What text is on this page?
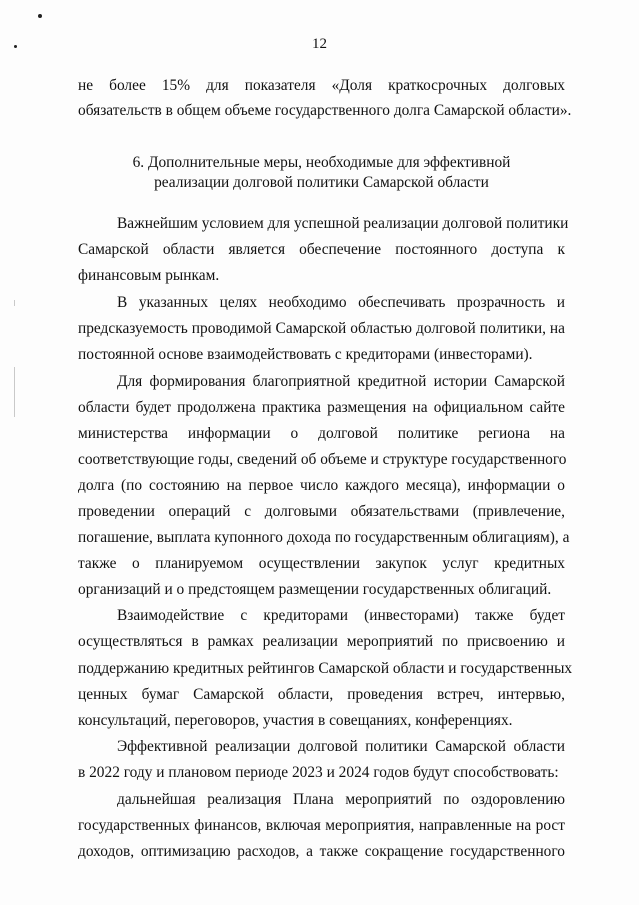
12
не более 15% для показателя «Доля краткосрочных долговых
обязательств в общем объеме государственного долга Самарской области».
6. Дополнительные меры, необходимые для эффективной
реализации долговой политики Самарской области
Важнейшим условием для успешной реализации долговой политики
Самарской области является обеспечение постоянного доступа к
финансовым рынкам.
В указанных целях необходимо обеспечивать прозрачность и
предсказуемость проводимой Самарской областью долговой политики, на
постоянной основе взаимодействовать с кредиторами (инвесторами).
Для формирования благоприятной кредитной истории Самарской
области будет продолжена практика размещения на официальном сайте
министерства информации о долговой политике региона на
соответствующие годы, сведений об объеме и структуре государственного
долга (по состоянию на первое число каждого месяца), информации о
проведении операций с долговыми обязательствами (привлечение,
погашение, выплата купонного дохода по государственным облигациям), а
также о планируемом осуществлении закупок услуг кредитных
организаций и о предстоящем размещении государственных облигаций.
Взаимодействие с кредиторами (инвесторами) также будет
осуществляться в рамках реализации мероприятий по присвоению и
поддержанию кредитных рейтингов Самарской области и государственных
ценных бумаг Самарской области, проведения встреч, интервью,
консультаций, переговоров, участия в совещаниях, конференциях.
Эффективной реализации долговой политики Самарской области
в 2022 году и плановом периоде 2023 и 2024 годов будут способствовать:
дальнейшая реализация Плана мероприятий по оздоровлению
государственных финансов, включая мероприятия, направленные на рост
доходов, оптимизацию расходов, а также сокращение государственного
